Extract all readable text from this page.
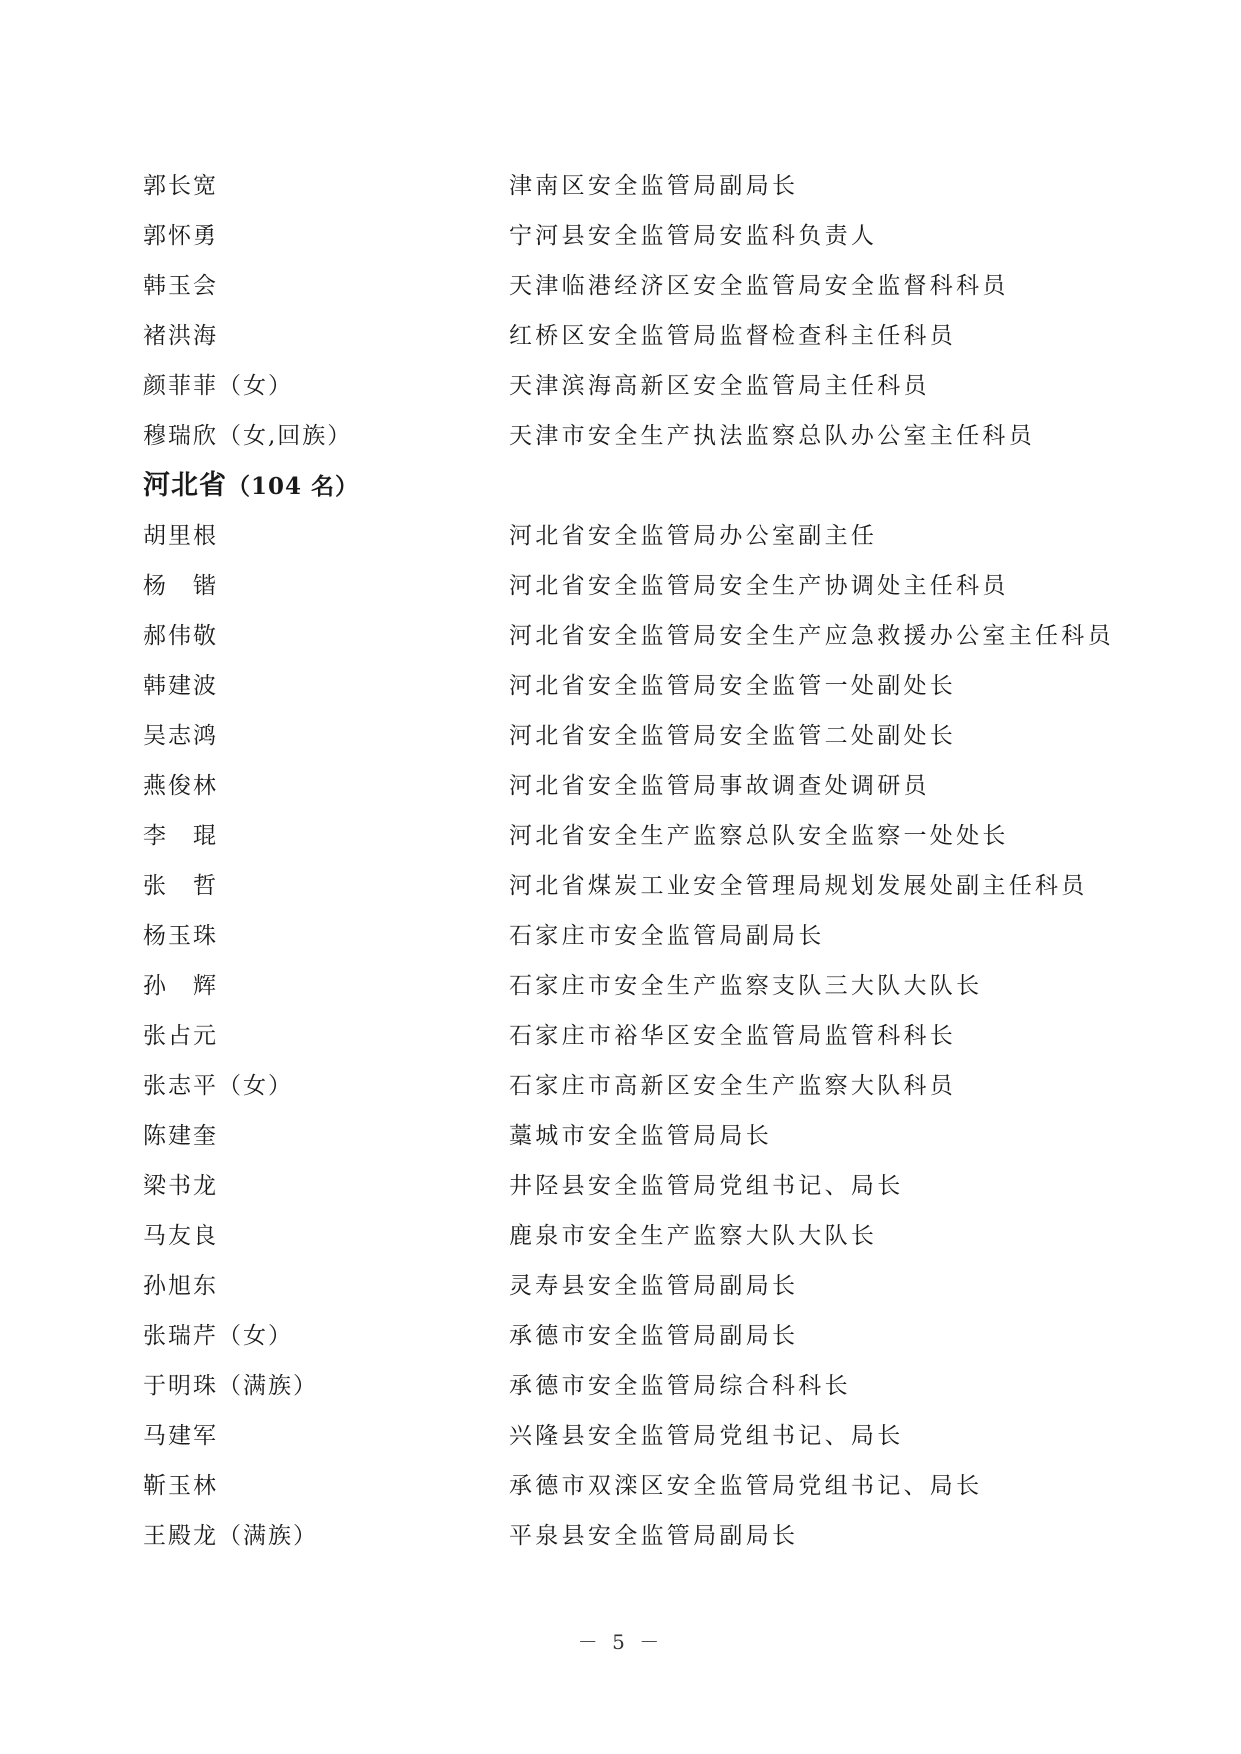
郭长宽	津南区安全监管局副局长
郭怀勇	宁河县安全监管局安监科负责人
韩玉会	天津临港经济区安全监管局安全监督科科员
褚洪海	红桥区安全监管局监督检查科主任科员
颜菲菲（女）	天津滨海高新区安全监管局主任科员
穆瑞欣（女,回族）	天津市安全生产执法监察总队办公室主任科员
河北省（104 名）
胡里根	河北省安全监管局办公室副主任
杨　锴	河北省安全监管局安全生产协调处主任科员
郝伟敬	河北省安全监管局安全生产应急救援办公室主任科员
韩建波	河北省安全监管局安全监管一处副处长
吴志鸿	河北省安全监管局安全监管二处副处长
燕俊林	河北省安全监管局事故调查处调研员
李　琨	河北省安全生产监察总队安全监察一处处长
张　哲	河北省煤炭工业安全管理局规划发展处副主任科员
杨玉珠	石家庄市安全监管局副局长
孙　辉	石家庄市安全生产监察支队三大队大队长
张占元	石家庄市裕华区安全监管局监管科科长
张志平（女）	石家庄市高新区安全生产监察大队科员
陈建奎	藁城市安全监管局局长
梁书龙	井陉县安全监管局党组书记、局长
马友良	鹿泉市安全生产监察大队大队长
孙旭东	灵寿县安全监管局副局长
张瑞芹（女）	承德市安全监管局副局长
于明珠（满族）	承德市安全监管局综合科科长
马建军	兴隆县安全监管局党组书记、局长
靳玉林	承德市双滦区安全监管局党组书记、局长
王殿龙（满族）	平泉县安全监管局副局长
－ 5 －
